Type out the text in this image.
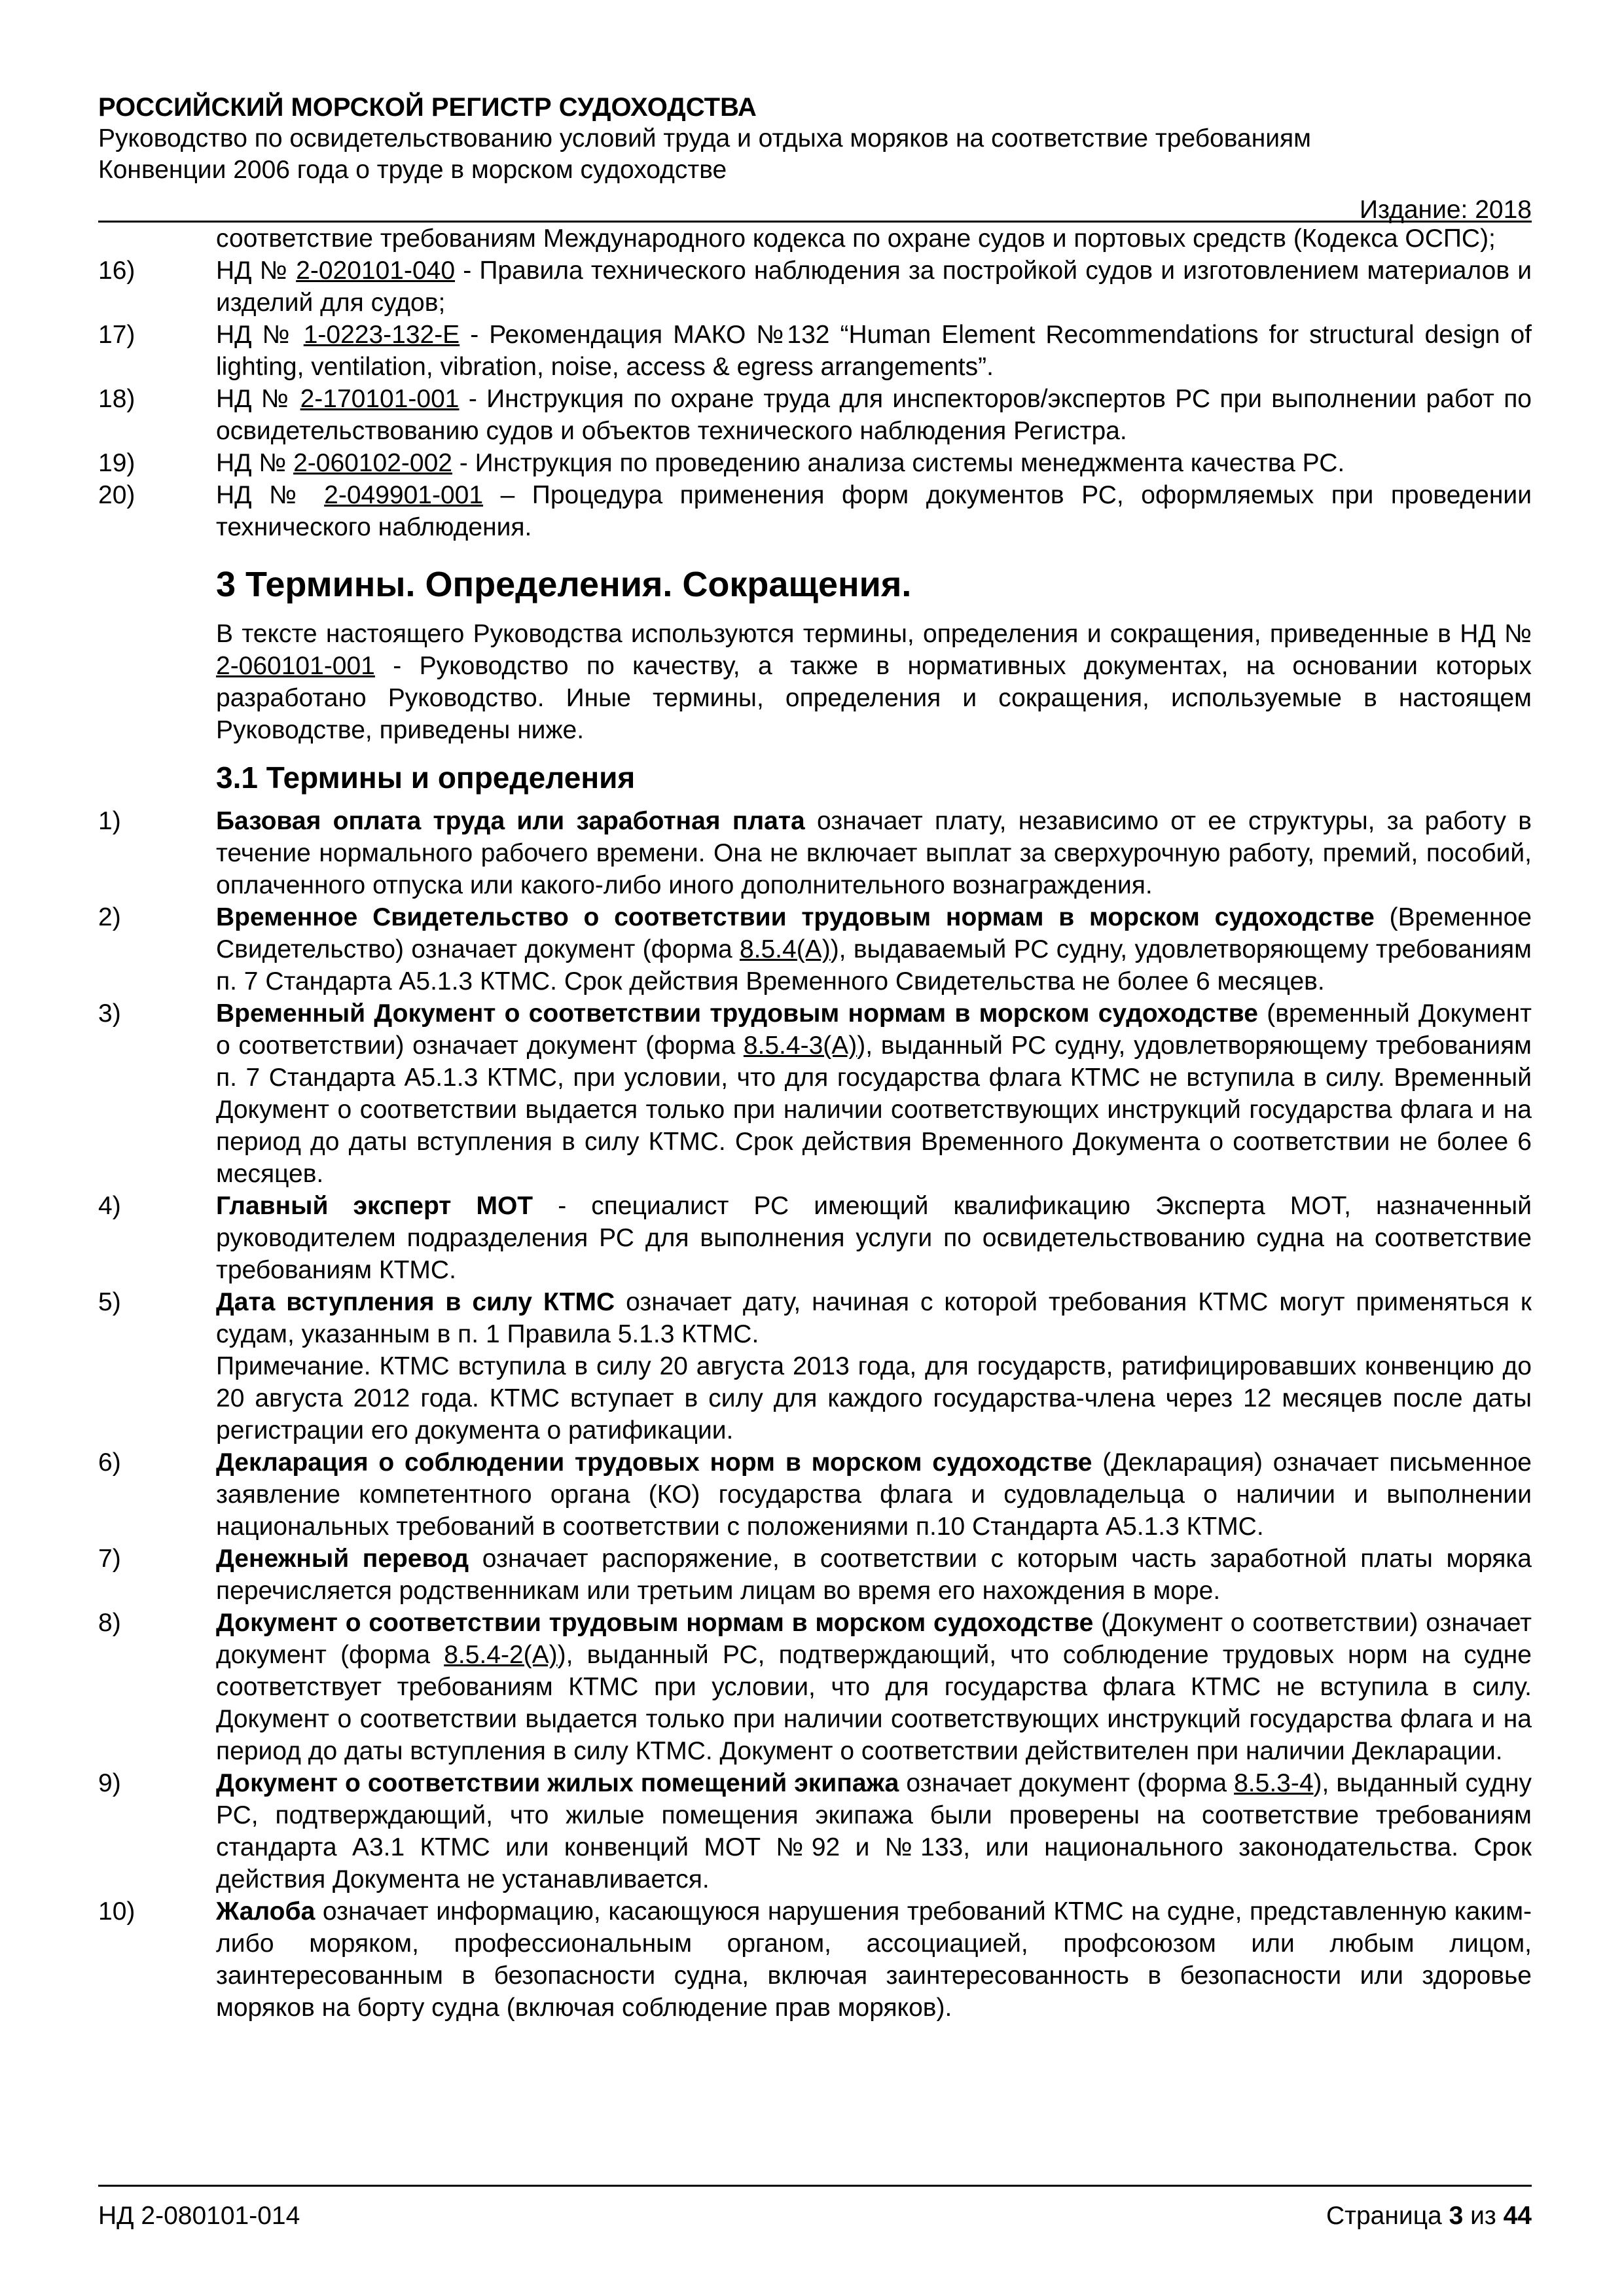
РОССИЙСКИЙ МОРСКОЙ РЕГИСТР СУДОХОДСТВА
Руководство по освидетельствованию условий труда и отдыха моряков на соответствие требованиям
Конвенции 2006 года о труде в морском судоходстве
Издание: 2018
соответствие требованиям Международного кодекса по охране судов и портовых средств (Кодекса ОСПС);
16)	НД № 2-020101-040 - Правила технического наблюдения за постройкой судов и изготовлением материалов и изделий для судов;
17)	НД № 1-0223-132-Е - Рекомендация МАКО №132 “Human Element Recommendations for structural design of lighting, ventilation, vibration, noise, access & egress arrangements”.
18)	НД № 2-170101-001 - Инструкция по охране труда для инспекторов/экспертов РС при выполнении работ по освидетельствованию судов и объектов технического наблюдения Регистра.
19)	НД № 2-060102-002 - Инструкция по проведению анализа системы менеджмента качества РС.
20)	НД № 2-049901-001 – Процедура применения форм документов РС, оформляемых при проведении технического наблюдения.
3 Термины. Определения. Сокращения.
В тексте настоящего Руководства используются термины, определения и сокращения, приведенные в НД № 2-060101-001 - Руководство по качеству, а также в нормативных документах, на основании которых разработано Руководство. Иные термины, определения и сокращения, используемые в настоящем Руководстве, приведены ниже.
3.1 Термины и определения
1)	Базовая оплата труда или заработная плата означает плату, независимо от ее структуры, за работу в течение нормального рабочего времени. Она не включает выплат за сверхурочную работу, премий, пособий, оплаченного отпуска или какого-либо иного дополнительного вознаграждения.
2)	Временное Свидетельство о соответствии трудовым нормам в морском судоходстве (Временное Свидетельство) означает документ (форма 8.5.4(А)), выдаваемый РС судну, удовлетворяющему требованиям п. 7 Стандарта А5.1.3 КТМС. Срок действия Временного Свидетельства не более 6 месяцев.
3)	Временный Документ о соответствии трудовым нормам в морском судоходстве (временный Документ о соответствии) означает документ (форма 8.5.4-3(А)), выданный РС судну, удовлетворяющему требованиям п. 7 Стандарта А5.1.3 КТМС, при условии, что для государства флага КТМС не вступила в силу. Временный Документ о соответствии выдается только при наличии соответствующих инструкций государства флага и на период до даты вступления в силу КТМС. Срок действия Временного Документа о соответствии не более 6 месяцев.
4)	Главный эксперт МОТ - специалист РС имеющий квалификацию Эксперта МОТ, назначенный руководителем подразделения РС для выполнения услуги по освидетельствованию судна на соответствие требованиям КТМС.
5)	Дата вступления в силу КТМС означает дату, начиная с которой требования КТМС могут применяться к судам, указанным в п. 1 Правила 5.1.3 КТМС.
Примечание. КТМС вступила в силу 20 августа 2013 года, для государств, ратифицировавших конвенцию до 20 августа 2012 года. КТМС вступает в силу для каждого государства-члена через 12 месяцев после даты регистрации его документа о ратификации.
6)	Декларация о соблюдении трудовых норм в морском судоходстве (Декларация) означает письменное заявление компетентного органа (КО) государства флага и судовладельца о наличии и выполнении национальных требований в соответствии с положениями п.10 Стандарта А5.1.3 КТМС.
7)	Денежный перевод означает распоряжение, в соответствии с которым часть заработной платы моряка перечисляется родственникам или третьим лицам во время его нахождения в море.
8)	Документ о соответствии трудовым нормам в морском судоходстве (Документ о соответствии) означает документ (форма 8.5.4-2(А)), выданный РС, подтверждающий, что соблюдение трудовых норм на судне соответствует требованиям КТМС при условии, что для государства флага КТМС не вступила в силу. Документ о соответствии выдается только при наличии соответствующих инструкций государства флага и на период до даты вступления в силу КТМС. Документ о соответствии действителен при наличии Декларации.
9)	Документ о соответствии жилых помещений экипажа означает документ (форма 8.5.3-4), выданный судну РС, подтверждающий, что жилые помещения экипажа были проверены на соответствие требованиям стандарта А3.1 КТМС или конвенций МОТ №92 и №133, или национального законодательства. Срок действия Документа не устанавливается.
10)	Жалоба означает информацию, касающуюся нарушения требований КТМС на судне, представленную каким-либо моряком, профессиональным органом, ассоциацией, профсоюзом или любым лицом, заинтересованным в безопасности судна, включая заинтересованность в безопасности или здоровье моряков на борту судна (включая соблюдение прав моряков).
НД 2-080101-014	Страница 3 из 44
